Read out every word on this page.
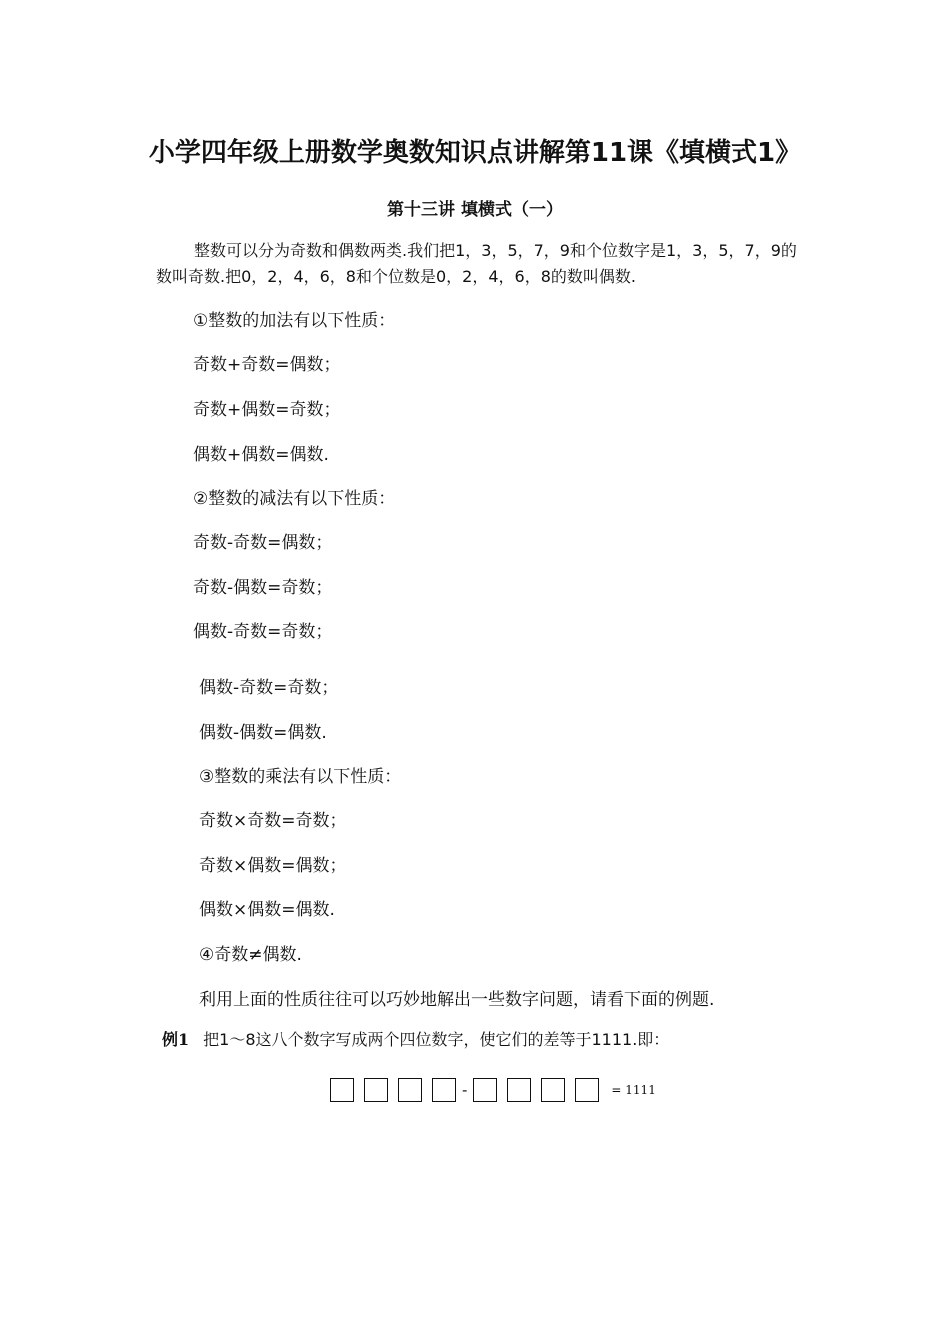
小学四年级上册数学奥数知识点讲解第11课《填横式1》
第十三讲 填横式（一）

整数可以分为奇数和偶数两类.我们把1，3，5，7，9和个位数字是1，3，5，7，9的数叫奇数.把0，2，4，6，8和个位数是0，2，4，6，8的数叫偶数.

①整数的加法有以下性质：

奇数+奇数=偶数；

奇数+偶数=奇数；

偶数+偶数=偶数.

②整数的减法有以下性质：

奇数-奇数=偶数；

奇数-偶数=奇数；

偶数-奇数=奇数；

偶数-奇数=奇数；

偶数-偶数=偶数.

③整数的乘法有以下性质：

奇数×奇数=奇数；

奇数×偶数=偶数；

偶数×偶数=偶数.

④奇数≠偶数.

利用上面的性质往往可以巧妙地解出一些数字问题，请看下面的例题.

例1 把1～8这八个数字写成两个四位数字，使它们的差等于1111.即：
-	= 1111
